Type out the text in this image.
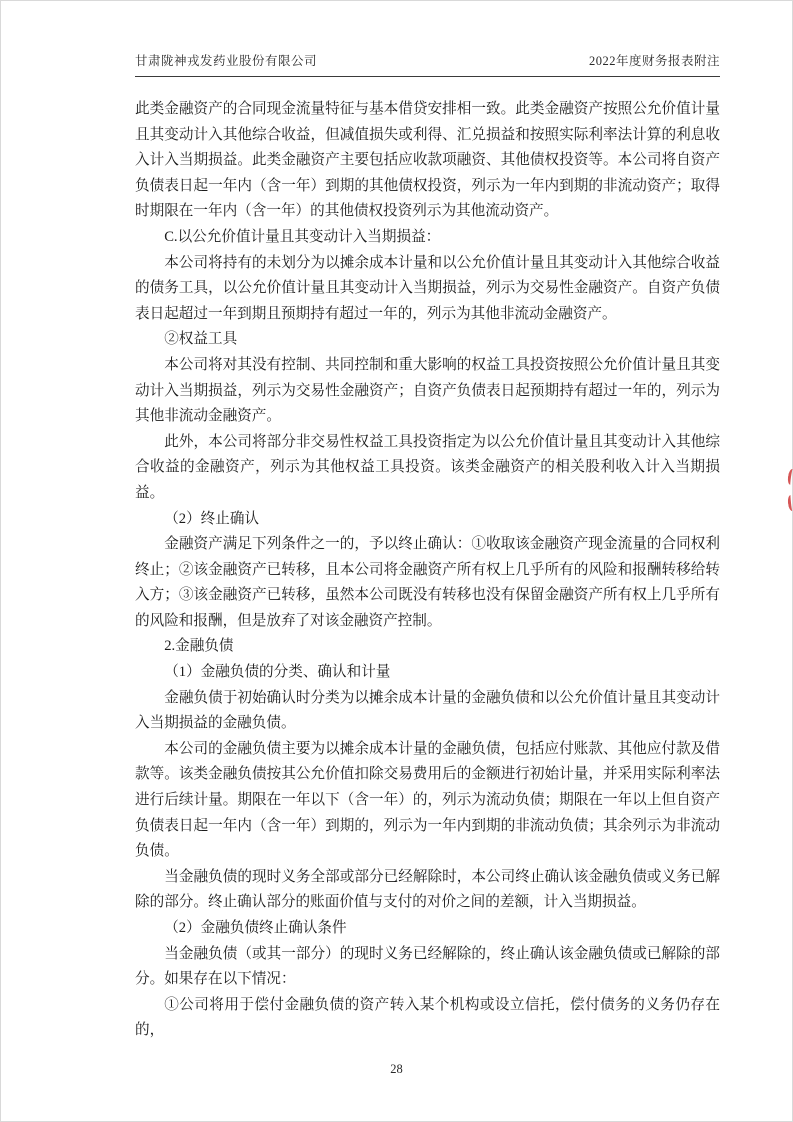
甘肃陇神戎发药业股份有限公司	2022年度财务报表附注

此类金融资产的合同现金流量特征与基本借贷安排相一致。此类金融资产按照公允价值计量且其变动计入其他综合收益，但减值损失或利得、汇兑损益和按照实际利率法计算的利息收入计入当期损益。此类金融资产主要包括应收款项融资、其他债权投资等。本公司将自资产负债表日起一年内（含一年）到期的其他债权投资，列示为一年内到期的非流动资产；取得时期限在一年内（含一年）的其他债权投资列示为其他流动资产。

C.以公允价值计量且其变动计入当期损益：

本公司将持有的未划分为以摊余成本计量和以公允价值计量且其变动计入其他综合收益的债务工具，以公允价值计量且其变动计入当期损益，列示为交易性金融资产。自资产负债表日起超过一年到期且预期持有超过一年的，列示为其他非流动金融资产。

②权益工具

本公司将对其没有控制、共同控制和重大影响的权益工具投资按照公允价值计量且其变动计入当期损益，列示为交易性金融资产；自资产负债表日起预期持有超过一年的，列示为其他非流动金融资产。

此外，本公司将部分非交易性权益工具投资指定为以公允价值计量且其变动计入其他综合收益的金融资产，列示为其他权益工具投资。该类金融资产的相关股利收入计入当期损益。

（2）终止确认

金融资产满足下列条件之一的，予以终止确认：①收取该金融资产现金流量的合同权利终止；②该金融资产已转移，且本公司将金融资产所有权上几乎所有的风险和报酬转移给转入方；③该金融资产已转移，虽然本公司既没有转移也没有保留金融资产所有权上几乎所有的风险和报酬，但是放弃了对该金融资产控制。

2.金融负债

（1）金融负债的分类、确认和计量

金融负债于初始确认时分类为以摊余成本计量的金融负债和以公允价值计量且其变动计入当期损益的金融负债。

本公司的金融负债主要为以摊余成本计量的金融负债，包括应付账款、其他应付款及借款等。该类金融负债按其公允价值扣除交易费用后的金额进行初始计量，并采用实际利率法进行后续计量。期限在一年以下（含一年）的，列示为流动负债；期限在一年以上但自资产负债表日起一年内（含一年）到期的，列示为一年内到期的非流动负债；其余列示为非流动负债。

当金融负债的现时义务全部或部分已经解除时，本公司终止确认该金融负债或义务已解除的部分。终止确认部分的账面价值与支付的对价之间的差额，计入当期损益。

（2）金融负债终止确认条件

当金融负债（或其一部分）的现时义务已经解除的，终止确认该金融负债或已解除的部分。如果存在以下情况：

①公司将用于偿付金融负债的资产转入某个机构或设立信托，偿付债务的义务仍存在的，

28
